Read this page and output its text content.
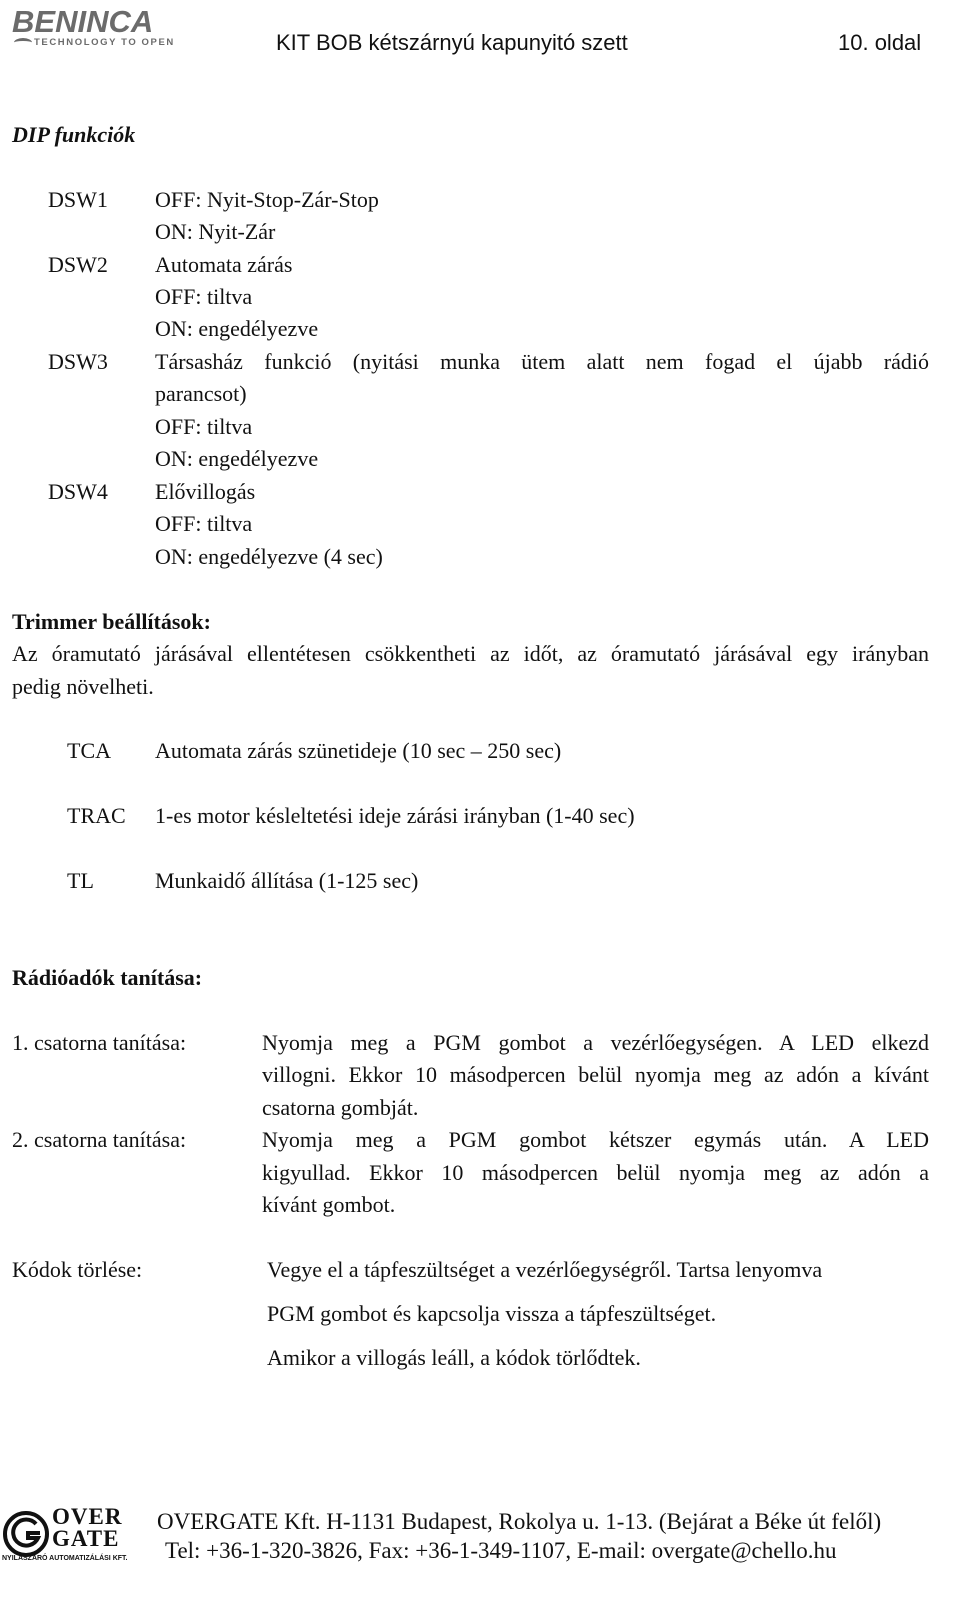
BENINCA
TECHNOLOGY TO OPEN	KIT BOB kétszárnyú kapunyitó szett	10. oldal
DIP funkciók
DSW1 OFF: Nyit-Stop-Zár-Stop
ON: Nyit-Zár
DSW2 Automata zárás
OFF: tiltva
ON: engedélyezve
DSW3 Társasház funkció (nyitási munka ütem alatt nem fogad el újabb rádió
parancsot)
OFF: tiltva
ON: engedélyezve
DSW4 Elővillogás
OFF: tiltva
ON: engedélyezve (4 sec)
Trimmer beállítások:
Az óramutató járásával ellentétesen csökkentheti az időt, az óramutató járásával egy irányban
pedig növelheti.
TCA Automata zárás szünetideje (10 sec – 250 sec)
TRAC 1-es motor késleltetési ideje zárási irányban (1-40 sec)
TL	Munkaidő állítása (1-125 sec)
Rádióadók tanítása:
1. csatorna tanítása:	Nyomja meg a PGM gombot a vezérlőegységen. A LED elkezd
villogni. Ekkor 10 másodpercen belül nyomja meg az adón a kívánt
csatorna gombját.
2. csatorna tanítása:	Nyomja meg a PGM gombot kétszer egymás után. A LED
kigyullad. Ekkor 10 másodpercen belül nyomja meg az adón a
kívánt gombot.
Kódok törlése:	Vegye el a tápfeszültséget a vezérlőegységről. Tartsa lenyomva
PGM gombot és kapcsolja vissza a tápfeszültséget.
Amikor a villogás leáll, a kódok törlődtek.
OVER GATE
NYILÁSZÁRÓ AUTOMATIZÁLÁSI KFT.
OVERGATE Kft. H-1131 Budapest, Rokolya u. 1-13. (Bejárat a Béke út felől)
Tel: +36-1-320-3826, Fax: +36-1-349-1107, E-mail: overgate@chello.hu
